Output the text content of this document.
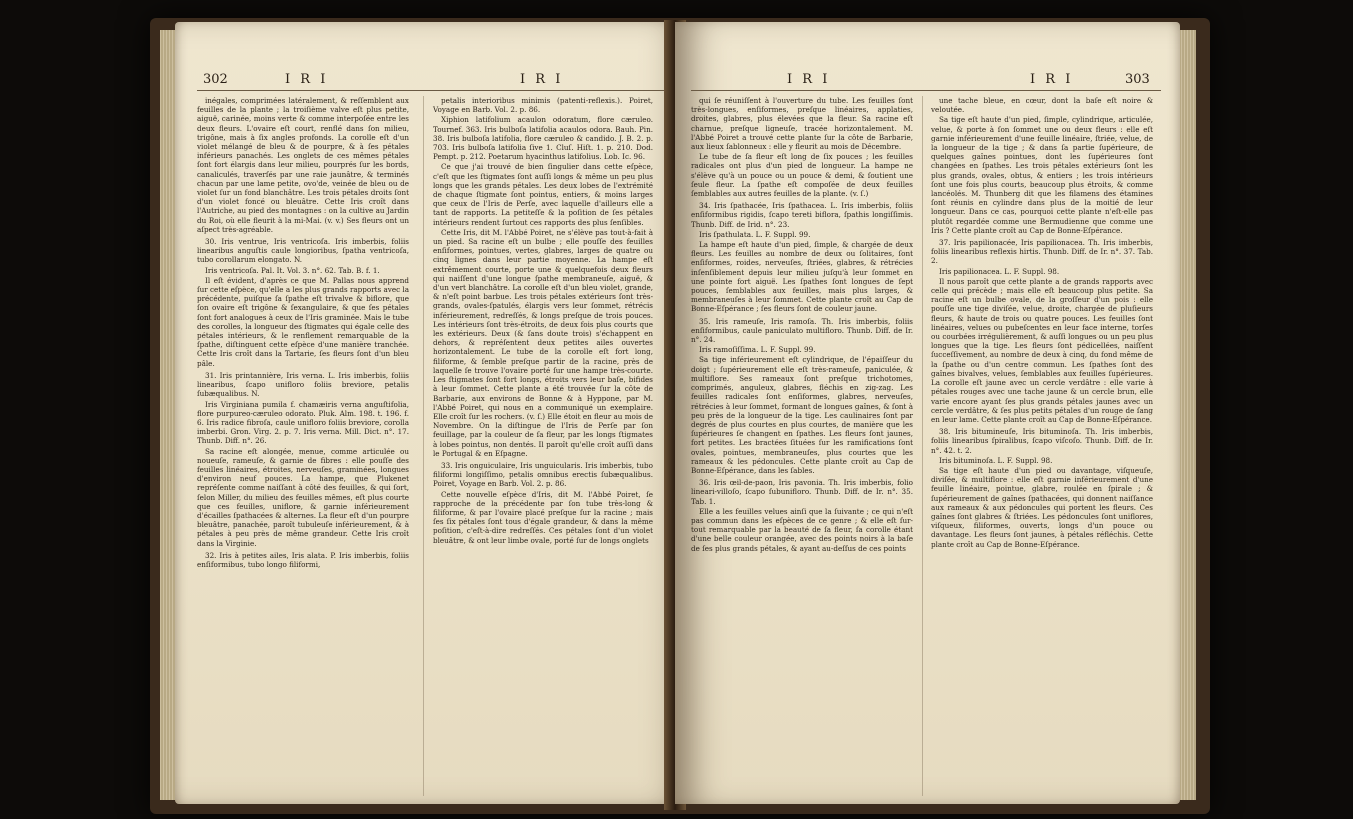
302	I R I	I R I

inégales, comprimées latéralement, & reſſemblent aux feuilles de la plante ; la troiſième valve eſt plus petite, aiguë, carinée, moins verte & comme interpoſée entre les deux fleurs. L'ovaire eſt court, renflé dans ſon milieu, trigône, mais à ſix angles profonds. La corolle eſt d'un violet mélangé de bleu & de pourpre, & à ſes pétales inférieurs panachés. Les onglets de ces mêmes pétales ſont fort élargis dans leur milieu, pourprés ſur les bords, canaliculés, traverſés par une raie jaunâtre, & terminés chacun par une lame petite, ovo'de, veinée de bleu ou de violet ſur un fond blanchâtre. Les trois pétales droits ſont d'un violet foncé ou bleuâtre. Cette Iris croît dans l'Autriche, au pied des montagnes : on la cultive au Jardin du Roi, où elle fleurit à la mi-Mai. (v. v.) Ses fleurs ont un aſpect très-agréable.

30. Iris ventrue, Iris ventricoſa. Iris imberbis, foliis linearibus anguſtis caule longioribus, ſpatha ventricoſa, tubo corollarum elongato. N.

Iris ventricoſa. Pal. It. Vol. 3. n°. 62. Tab. B. f. 1.

Il eſt évident, d'après ce que M. Pallas nous apprend ſur cette eſpèce, qu'elle a les plus grands rapports avec la précédente, puiſque ſa ſpathe eſt trivalve & biflore, que ſon ovaire eſt trigône & ſexangulaire, & que ſes pétales ſont fort analogues à ceux de l'Iris graminée. Mais le tube des corolles, la longueur des ſtigmates qui égale celle des pétales intérieurs, & le renflement remarquable de la ſpathe, diſtinguent cette eſpèce d'une manière tranchée. Cette Iris croît dans la Tartarie, ſes fleurs ſont d'un bleu pâle.

31. Iris printannière, Iris verna. L. Iris imberbis, foliis linearibus, ſcapo unifloro foliis breviore, petalis ſubæqualibus. N.

Iris Virginiana pumila f. chamæiris verna anguſtifolia, flore purpureo-cæruleo odorato. Pluk. Alm. 198. t. 196. f. 6. Iris radice fibroſa, caule unifloro foliis breviore, corolla imberbi. Gron. Virg. 2. p. 7. Iris verna. Mill. Dict. n°. 17. Thunb. Diff. n°. 26.

Sa racine eſt alongée, menue, comme articulée ou noueuſe, rameuſe, & garnie de fibres : elle pouſſe des feuilles linéaires, étroites, nerveuſes, graminées, longues d'environ neuf pouces. La hampe, que Plukenet repréſente comme naiſſant à côté des feuilles, & qui ſort, ſelon Miller, du milieu des feuilles mêmes, eſt plus courte que ces feuilles, uniflore, & garnie inférieurement d'écailles ſpathacées & alternes. La fleur eſt d'un pourpre bleuâtre, panachée, paroît tubuleuſe inférieurement, & à pétales à peu près de même grandeur. Cette Iris croît dans la Virginie.

32. Iris à petites ailes, Iris alata. P. Iris imberbis, foliis enſiformibus, tubo longo filiformi,

petalis interioribus minimis (patenti-reflexis.). Poiret, Voyage en Barb. Vol. 2. p. 86.

Xiphion latifolium acaulon odoratum, flore cæruleo. Tournef. 363. Iris bulboſa latifolia acaulos odora. Bauh. Pin. 38. Iris bulboſa latifolia, flore cæruleo & candido. J. B. 2. p. 703. Iris bulboſa latifolia ſive 1. Cluſ. Hiſt. 1. p. 210. Dod. Pempt. p. 212. Poetarum hyacinthus latifolius. Lob. Ic. 96.

Ce que j'ai trouvé de bien ſingulier dans cette eſpèce, c'eſt que les ſtigmates ſont auſſi longs & même un peu plus longs que les grands pétales. Les deux lobes de l'extrémité de chaque ſtigmate ſont pointus, entiers, & moins larges que ceux de l'Iris de Perſe, avec laquelle d'ailleurs elle a tant de rapports. La petiteſſe & la poſition de ſes pétales intérieurs rendent ſurtout ces rapports des plus ſenſibles.

Cette Iris, dit M. l'Abbé Poiret, ne s'élève pas tout-à-fait à un pied. Sa racine eſt un bulbe ; elle pouſſe des feuilles enſiformes, pointues, vertes, glabres, larges de quatre ou cinq lignes dans leur partie moyenne. La hampe eſt extrêmement courte, porte une & quelquefois deux fleurs qui naiſſent d'une longue ſpathe membraneuſe, aiguë, & d'un vert blanchâtre. La corolle eſt d'un bleu violet, grande, & n'eſt point barbue. Les trois pétales extérieurs ſont très-grands, ovales-ſpatulés, élargis vers leur ſommet, rétrécis inférieurement, redreſſés, & longs preſque de trois pouces. Les intérieurs ſont très-étroits, de deux fois plus courts que les extérieurs. Deux (& ſans doute trois) s'échappent en dehors, & repréſentent deux petites ailes ouvertes horizontalement. Le tube de la corolle eſt fort long, filiforme, & ſemble preſque partir de la racine, près de laquelle ſe trouve l'ovaire porté ſur une hampe très-courte. Les ſtigmates ſont fort longs, étroits vers leur baſe, bifides à leur ſommet. Cette plante a été trouvée ſur la côte de Barbarie, aux environs de Bonne & à Hyppone, par M. l'Abbé Poiret, qui nous en a communiqué un exemplaire. Elle croît ſur les rochers. (v. ſ.) Elle étoit en fleur au mois de Novembre. On la diſtingue de l'Iris de Perſe par ſon feuillage, par la couleur de ſa fleur, par les longs ſtigmates à lobes pointus, non dentés. Il paroît qu'elle croît auſſi dans le Portugal & en Eſpagne.

33. Iris onguiculaire, Iris unguicularis. Iris imberbis, tubo filiformi longiſſimo, petalis omnibus erectis ſubæqualibus. Poiret, Voyage en Barb. Vol. 2. p. 86.

Cette nouvelle eſpèce d'Iris, dit M. l'Abbé Poiret, ſe rapproche de la précédente par ſon tube très-long & filiforme, & par l'ovaire placé preſque ſur la racine ; mais ſes ſix pétales ſont tous d'égale grandeur, & dans la même poſition, c'eſt-à-dire redreſſés. Ces pétales ſont d'un violet bleuâtre, & ont leur limbe ovale, porté ſur de longs onglets

I R I	I R I	303

qui ſe réuniſſent à l'ouverture du tube. Les feuilles ſont très-longues, enſiformes, preſque linéaires, applaties, droites, glabres, plus élevées que la fleur. Sa racine eſt charnue, preſque ligneuſe, tracée horizontalement. M. l'Abbé Poiret a trouvé cette plante ſur la côte de Barbarie, aux lieux ſablonneux : elle y fleurit au mois de Décembre.

Le tube de ſa fleur eſt long de ſix pouces ; les feuilles radicales ont plus d'un pied de longueur. La hampe ne s'élève qu'à un pouce ou un pouce & demi, & ſoutient une ſeule fleur. La ſpathe eſt compoſée de deux feuilles ſemblables aux autres feuilles de la plante. (v. ſ.)

34. Iris ſpathacée, Iris ſpathacea. L. Iris imberbis, foliis enſiformibus rigidis, ſcapo tereti biflora, ſpathis longiſſimis. Thunb. Diff. de Irid. n°. 23.

Iris ſpathulata. L. F. Suppl. 99.

La hampe eſt haute d'un pied, ſimple, & chargée de deux fleurs. Les feuilles au nombre de deux ou ſolitaires, ſont enſiformes, roides, nerveuſes, ſtriées, glabres, & rétrécies inſenſiblement depuis leur milieu juſqu'à leur ſommet en une pointe fort aiguë. Les ſpathes ſont longues de ſept pouces, ſemblables aux feuilles, mais plus larges, & membraneuſes à leur ſommet. Cette plante croît au Cap de Bonne-Eſpérance ; ſes fleurs ſont de couleur jaune.

35. Iris rameuſe, Iris ramoſa. Th. Iris imberbis, foliis enſiformibus, caule paniculato multifloro. Thunb. Diff. de Ir. n°. 24.

Iris ramoſiſſima. L. F. Suppl. 99.

Sa tige inférieurement eſt cylindrique, de l'épaiſſeur du doigt ; ſupérieurement elle eſt très-rameuſe, paniculée, & multiflore. Ses rameaux ſont preſque trichotomes, comprimés, anguleux, glabres, fléchis en zig-zag. Les feuilles radicales ſont enſiformes, glabres, nerveuſes, rétrécies à leur ſommet, formant de longues gaînes, & ſont à peu près de la longueur de la tige. Les caulinaires ſont par degrés de plus courtes en plus courtes, de manière que les ſupérieures ſe changent en ſpathes. Les fleurs ſont jaunes, fort petites. Les bractées ſituées ſur les ramifications ſont ovales, pointues, membraneuſes, plus courtes que les rameaux & les pédoncules. Cette plante croît au Cap de Bonne-Eſpérance, dans les ſables.

36. Iris œil-de-paon, Iris pavonia. Th. Iris imberbis, folio lineari-villoſo, ſcapo ſubunifloro. Thunb. Diff. de Ir. n°. 35. Tab. 1.

Elle a les feuilles velues ainſi que la ſuivante ; ce qui n'eſt pas commun dans les eſpèces de ce genre ; & elle eſt ſur-tout remarquable par la beauté de ſa fleur, ſa corolle étant d'une belle couleur orangée, avec des points noirs à la baſe de ſes plus grands pétales, & ayant au-deſſus de ces points

une tache bleue, en cœur, dont la baſe eſt noire & veloutée.

Sa tige eſt haute d'un pied, ſimple, cylindrique, articulée, velue, & porte à ſon ſommet une ou deux fleurs : elle eſt garnie inférieurement d'une feuille linéaire, ſtriée, velue, de la longueur de la tige ; & dans ſa partie ſupérieure, de quelques gaînes pointues, dont les ſupérieures ſont changées en ſpathes. Les trois pétales extérieurs ſont les plus grands, ovales, obtus, & entiers ; les trois intérieurs ſont une fois plus courts, beaucoup plus étroits, & comme lancéolés. M. Thunberg dit que les filamens des étamines ſont réunis en cylindre dans plus de la moitié de leur longueur. Dans ce cas, pourquoi cette plante n'eſt-elle pas plutôt regardée comme une Bermudienne que comme une Iris ? Cette plante croît au Cap de Bonne-Eſpérance.

37. Iris papilionacée, Iris papilionacea. Th. Iris imberbis, foliis linearibus reflexis hirtis. Thunb. Diff. de Ir. n°. 37. Tab. 2.

Iris papilionacea. L. F. Suppl. 98.

Il nous paroît que cette plante a de grands rapports avec celle qui précède ; mais elle eſt beaucoup plus petite. Sa racine eſt un bulbe ovale, de la groſſeur d'un pois : elle pouſſe une tige diviſée, velue, droite, chargée de pluſieurs fleurs, & haute de trois ou quatre pouces. Les feuilles ſont linéaires, velues ou pubeſcentes en leur face interne, torſes ou courbées irrégulièrement, & auſſi longues ou un peu plus longues que la tige. Les fleurs ſont pédicellées, naiſſent ſucceſſivement, au nombre de deux à cinq, du fond même de la ſpathe ou d'un centre commun. Les ſpathes ſont des gaînes bivalves, velues, ſemblables aux feuilles ſupérieures. La corolle eſt jaune avec un cercle verdâtre : elle varie à pétales rouges avec une tache jaune & un cercle brun, elle varie encore ayant ſes plus grands pétales jaunes avec un cercle verdâtre, & ſes plus petits pétales d'un rouge de ſang en leur lame. Cette plante croît au Cap de Bonne-Eſpérance.

38. Iris bitumineuſe, Iris bituminoſa. Th. Iris imberbis, foliis linearibus ſpiralibus, ſcapo viſcoſo. Thunb. Diff. de Ir. n°. 42. t. 2.

Iris bituminoſa. L. F. Suppl. 98.

Sa tige eſt haute d'un pied ou davantage, viſqueuſe, diviſée, & multiflore : elle eſt garnie inférieurement d'une feuille linéaire, pointue, glabre, roulée en ſpirale ; & ſupérieurement de gaînes ſpathacées, qui donnent naiſſance aux rameaux & aux pédoncules qui portent les fleurs. Ces gaînes ſont glabres & ſtriées. Les pédoncules ſont uniflores, viſqueux, filiformes, ouverts, longs d'un pouce ou davantage. Les fleurs ſont jaunes, à pétales réfléchis. Cette plante croît au Cap de Bonne-Eſpérance.
